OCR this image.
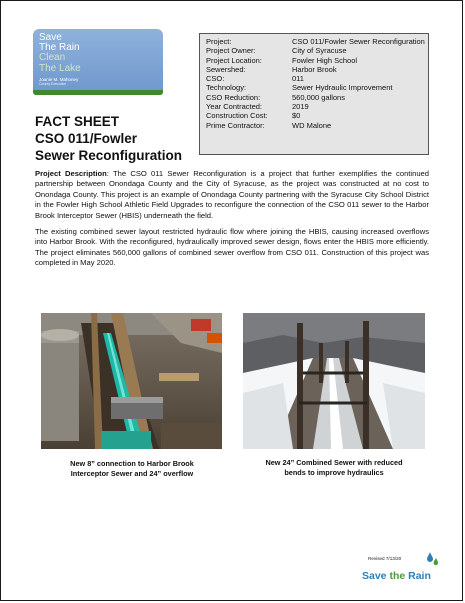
Save
The Rain
Clean
The Lake
Joanie M. Mahoney
County Executive
Project:	CSO 011/Fowler Sewer Reconfiguration
Project Owner:	City of Syracuse
Project Location:	Fowler High School
Sewershed:	Harbor Brook
CSO:	011
Technology:	Sewer Hydraulic Improvement
CSO Reduction:	560,000 gallons
Year Contracted:	2019
Construction Cost:	$0
Prime Contractor:	WD Malone
FACT SHEET
CSO 011/Fowler
Sewer Reconfiguration

Project Description: The CSO 011 Sewer Reconfiguration is a project that further exemplifies the continued partnership between Onondaga County and the City of Syracuse, as the project was constructed at no cost to Onondaga County. This project is an example of Onondaga County partnering with the Syracuse City School District in the Fowler High School Athletic Field Upgrades to reconfigure the connection of the CSO 011 sewer to the Harbor Brook Interceptor Sewer (HBIS) underneath the field.

The existing combined sewer layout restricted hydraulic flow where joining the HBIS, causing increased overflows into Harbor Brook. With the reconfigured, hydraulically improved sewer design, flows enter the HBIS more efficiently. The project eliminates 560,000 gallons of combined sewer overflow from CSO 011. Construction of this project was completed in May 2020.

New 8” connection to Harbor Brook
Interceptor Sewer and 24” overflow
New 24” Combined Sewer with reduced
bends to improve hydraulics
Revised 7/13/20
Save the Rain
